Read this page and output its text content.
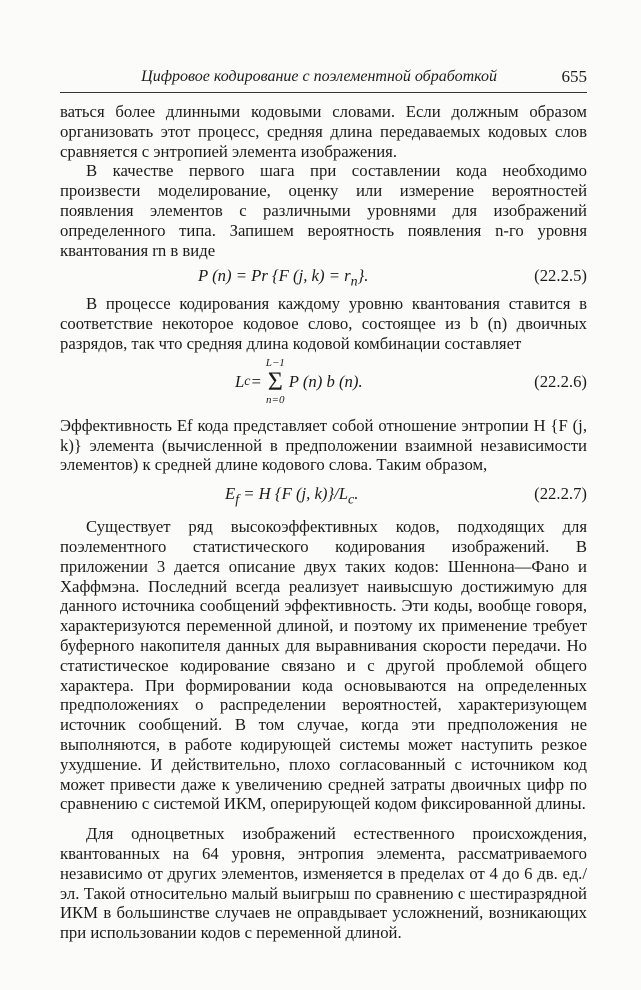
Цифровое кодирование с поэлементной обработкой	655

ваться более длинными кодовыми словами. Если должным образом организовать этот процесс, средняя длина передаваемых кодовых слов сравняется с энтропией элемента изображения.

В качестве первого шага при составлении кода необходимо произвести моделирование, оценку или измерение вероятностей появления элементов с различными уровнями для изображений определенного типа. Запишем вероятность появления n-го уровня квантования rn в виде

P (n) = Pr {F (j, $k) = r_n$}.	(22.2.5)

В процессе кодирования каждому уровню квантования ставится в соответствие некоторое кодовое слово, состоящее из b (n) двоичных разрядов, так что средняя длина кодовой комбинации составляет

L c =
L−1
Σ
n=0
P (n) b (n).	(22.2.6)

Эффективность Ef кода представляет собой отношение энтропии H {F (j, k)} элемента (вычисленной в предположении взаимной независимости элементов) к средней длине кодового слова. Таким образом,

$E_f = H$ {F (j, $k)\}/L_c$.	(22.2.7)

Существует ряд высокоэффективных кодов, подходящих для поэлементного статистического кодирования изображений. В приложении 3 дается описание двух таких кодов: Шеннона—Фано и Хаффмэна. Последний всегда реализует наивысшую достижимую для данного источника сообщений эффективность. Эти коды, вообще говоря, характеризуются переменной длиной, и поэтому их применение требует буферного накопителя данных для выравнивания скорости передачи. Но статистическое кодирование связано и с другой проблемой общего характера. При формировании кода основываются на определенных предположениях о распределении вероятностей, характеризующем источник сообщений. В том случае, когда эти предположения не выполняются, в работе кодирующей системы может наступить резкое ухудшение. И действительно, плохо согласованный с источником код может привести даже к увеличению средней затраты двоичных цифр по сравнению с системой ИКМ, оперирующей кодом фиксированной длины.

Для одноцветных изображений естественного происхождения, квантованных на 64 уровня, энтропия элемента, рассматриваемого независимо от других элементов, изменяется в пределах от 4 до 6 дв. ед./эл. Такой относительно малый выигрыш по сравнению с шестиразрядной ИКМ в большинстве случаев не оправдывает усложнений, возникающих при использовании кодов с переменной длиной.
